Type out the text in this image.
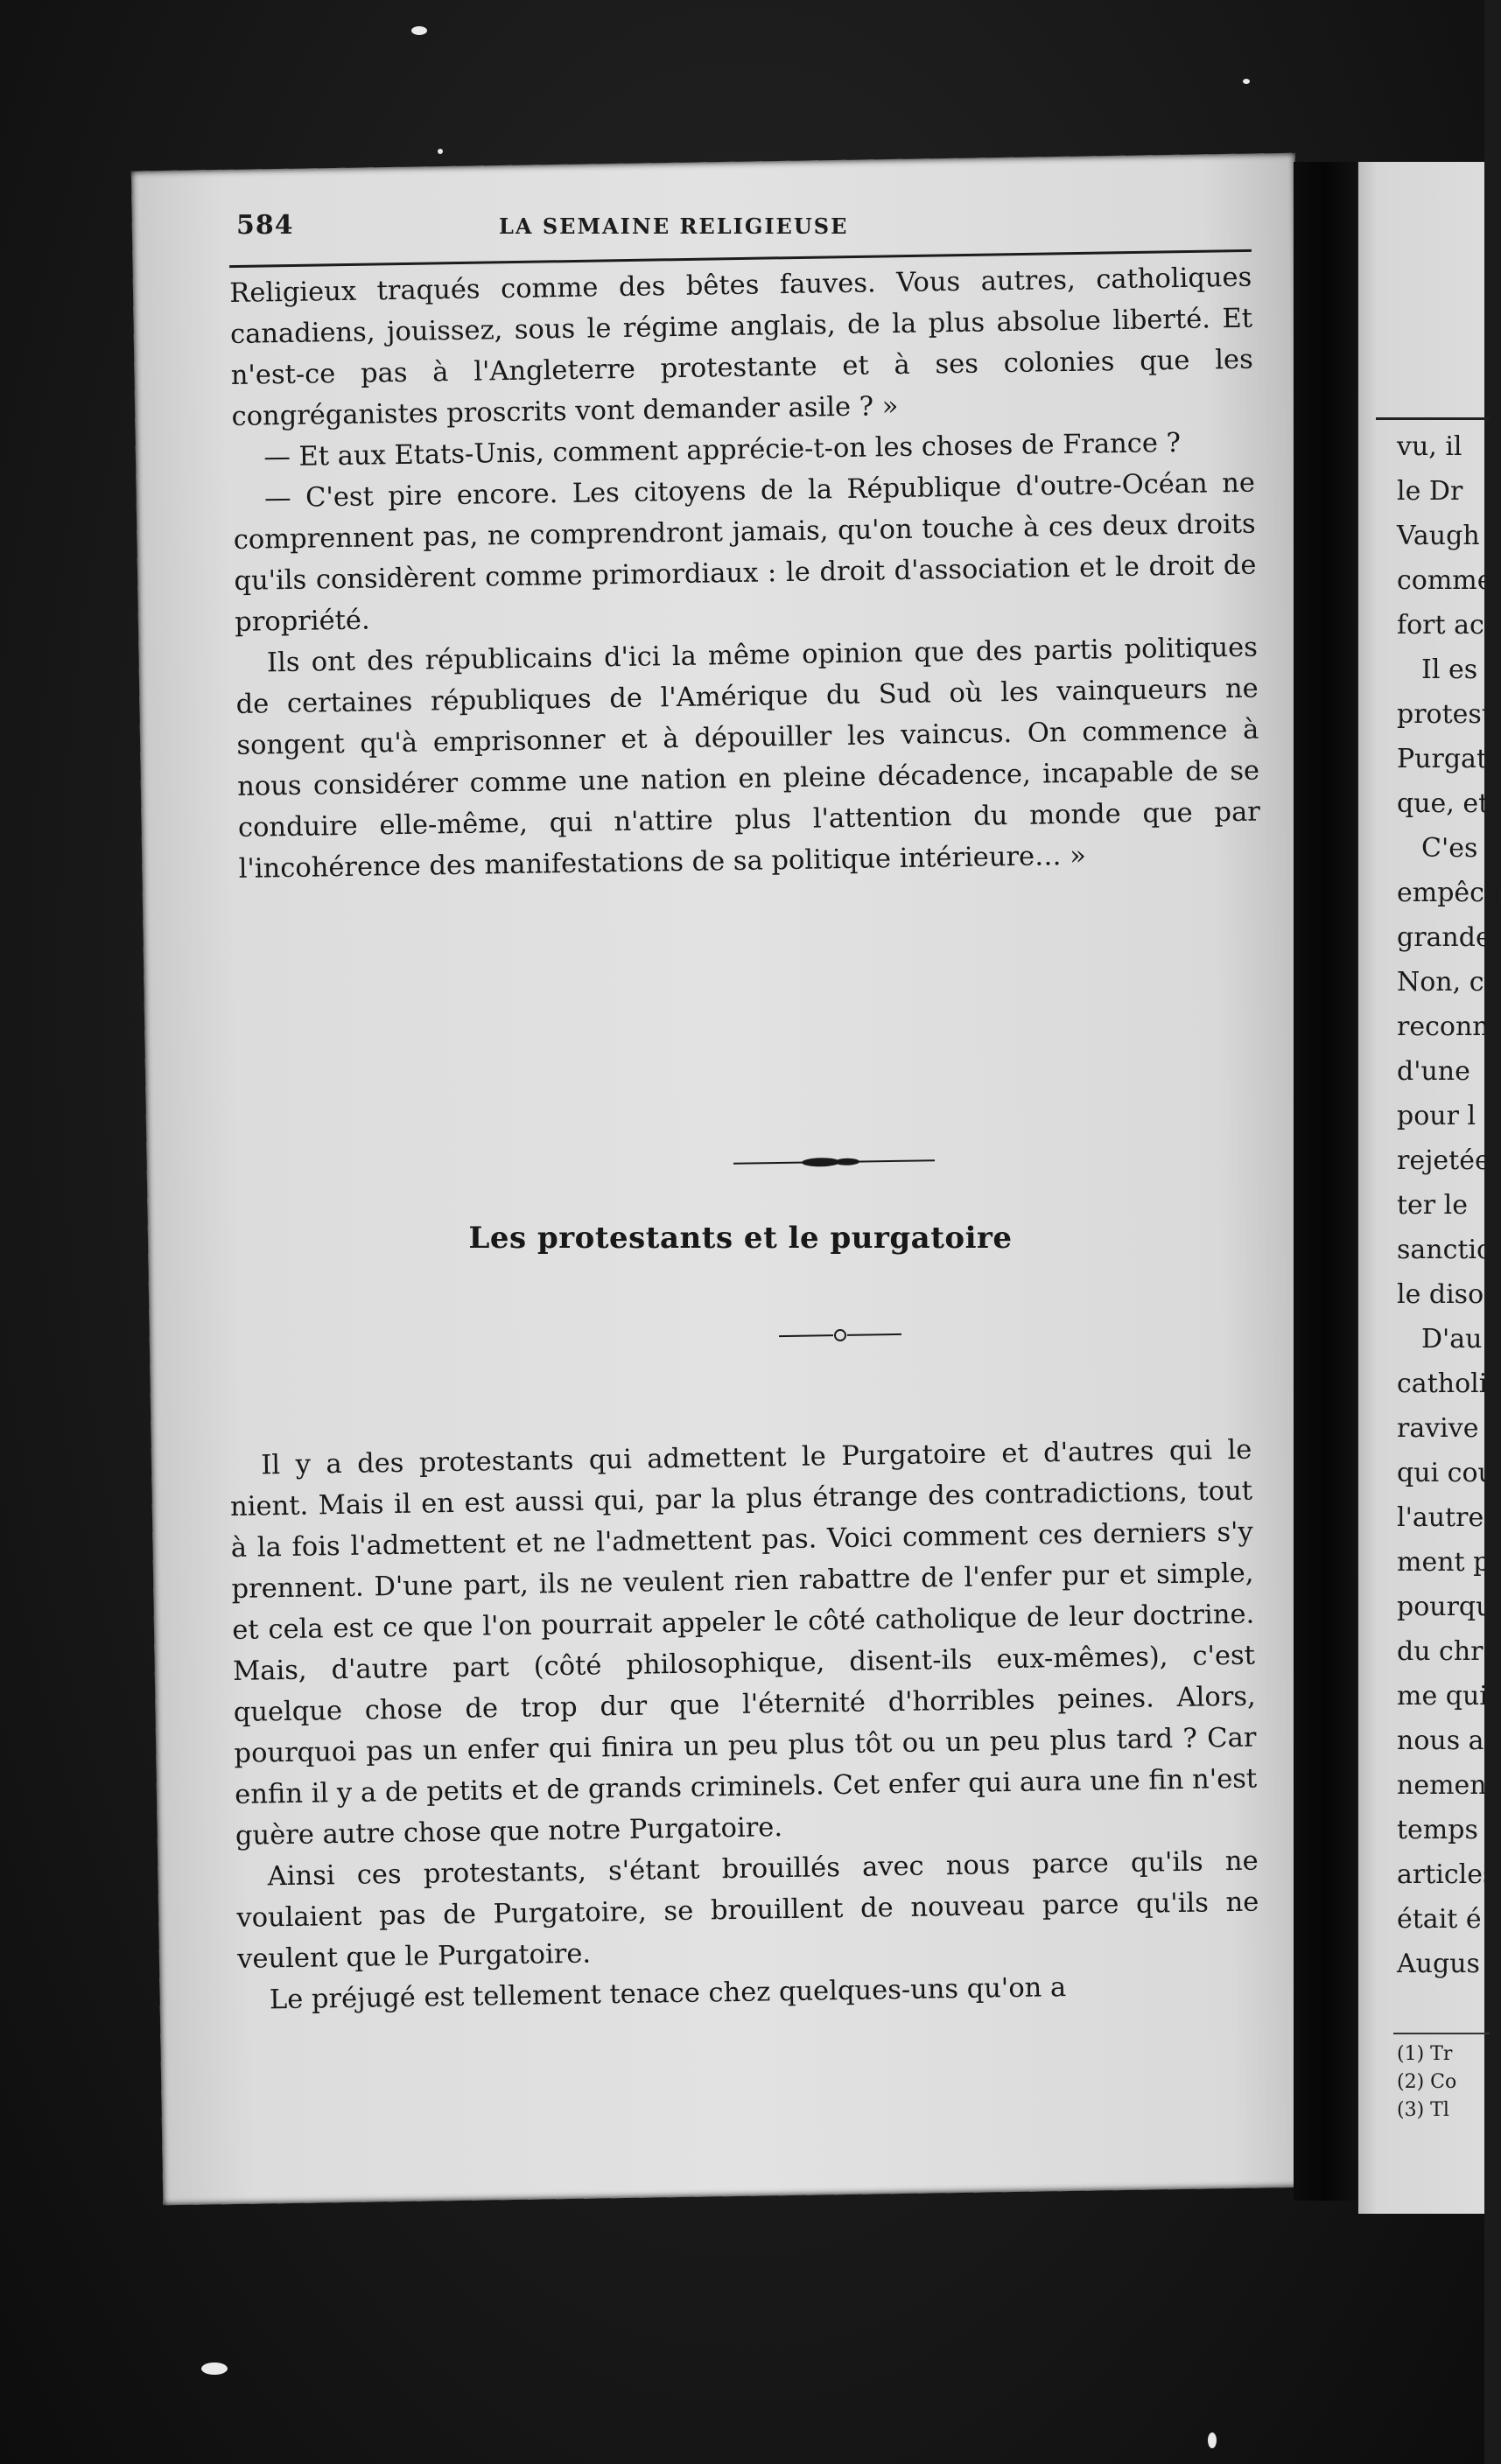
vu, il
le Dr
Vaugh
comme
fort ac
Il es
protest
Purgat
que, et
C'es
empêch
grande
Non, c
reconn
d'une
pour l
rejetée
ter le
sanctic
le diso
D'au
catholi
ravive
qui cou
l'autre
ment p
pourqu
du chr
me qui
nous a
nemen
temps
articles
était é
Augus
(1) Tr
(2) Co
(3) Tl
584	LA SEMAINE RELIGIEUSE

Religieux traqués comme des bêtes fauves. Vous autres, catholiques canadiens, jouissez, sous le régime anglais, de la plus absolue liberté. Et n'est-ce pas à l'Angleterre protestante et à ses colonies que les congréganistes proscrits vont demander asile ? »

— Et aux Etats-Unis, comment apprécie-t-on les choses de France ?

— C'est pire encore. Les citoyens de la République d'outre-Océan ne comprennent pas, ne comprendront jamais, qu'on touche à ces deux droits qu'ils considèrent comme primordiaux : le droit d'association et le droit de propriété.

Ils ont des républicains d'ici la même opinion que des partis politiques de certaines républiques de l'Amérique du Sud où les vainqueurs ne songent qu'à emprisonner et à dépouiller les vaincus. On commence à nous considérer comme une nation en pleine décadence, incapable de se conduire elle-même, qui n'attire plus l'attention du monde que par l'incohérence des manifestations de sa politique intérieure… »

Les protestants et le purgatoire

Il y a des protestants qui admettent le Purgatoire et d'autres qui le nient. Mais il en est aussi qui, par la plus étrange des contradictions, tout à la fois l'admettent et ne l'admettent pas. Voici comment ces derniers s'y prennent. D'une part, ils ne veulent rien rabattre de l'enfer pur et simple, et cela est ce que l'on pourrait appeler le côté catholique de leur doctrine. Mais, d'autre part (côté philosophique, disent-ils eux-mêmes), c'est quelque chose de trop dur que l'éternité d'horribles peines. Alors, pourquoi pas un enfer qui finira un peu plus tôt ou un peu plus tard ? Car enfin il y a de petits et de grands criminels. Cet enfer qui aura une fin n'est guère autre chose que notre Purgatoire.

Ainsi ces protestants, s'étant brouillés avec nous parce qu'ils ne voulaient pas de Purgatoire, se brouillent de nouveau parce qu'ils ne veulent que le Purgatoire.

Le préjugé est tellement tenace chez quelques-uns qu'on a
